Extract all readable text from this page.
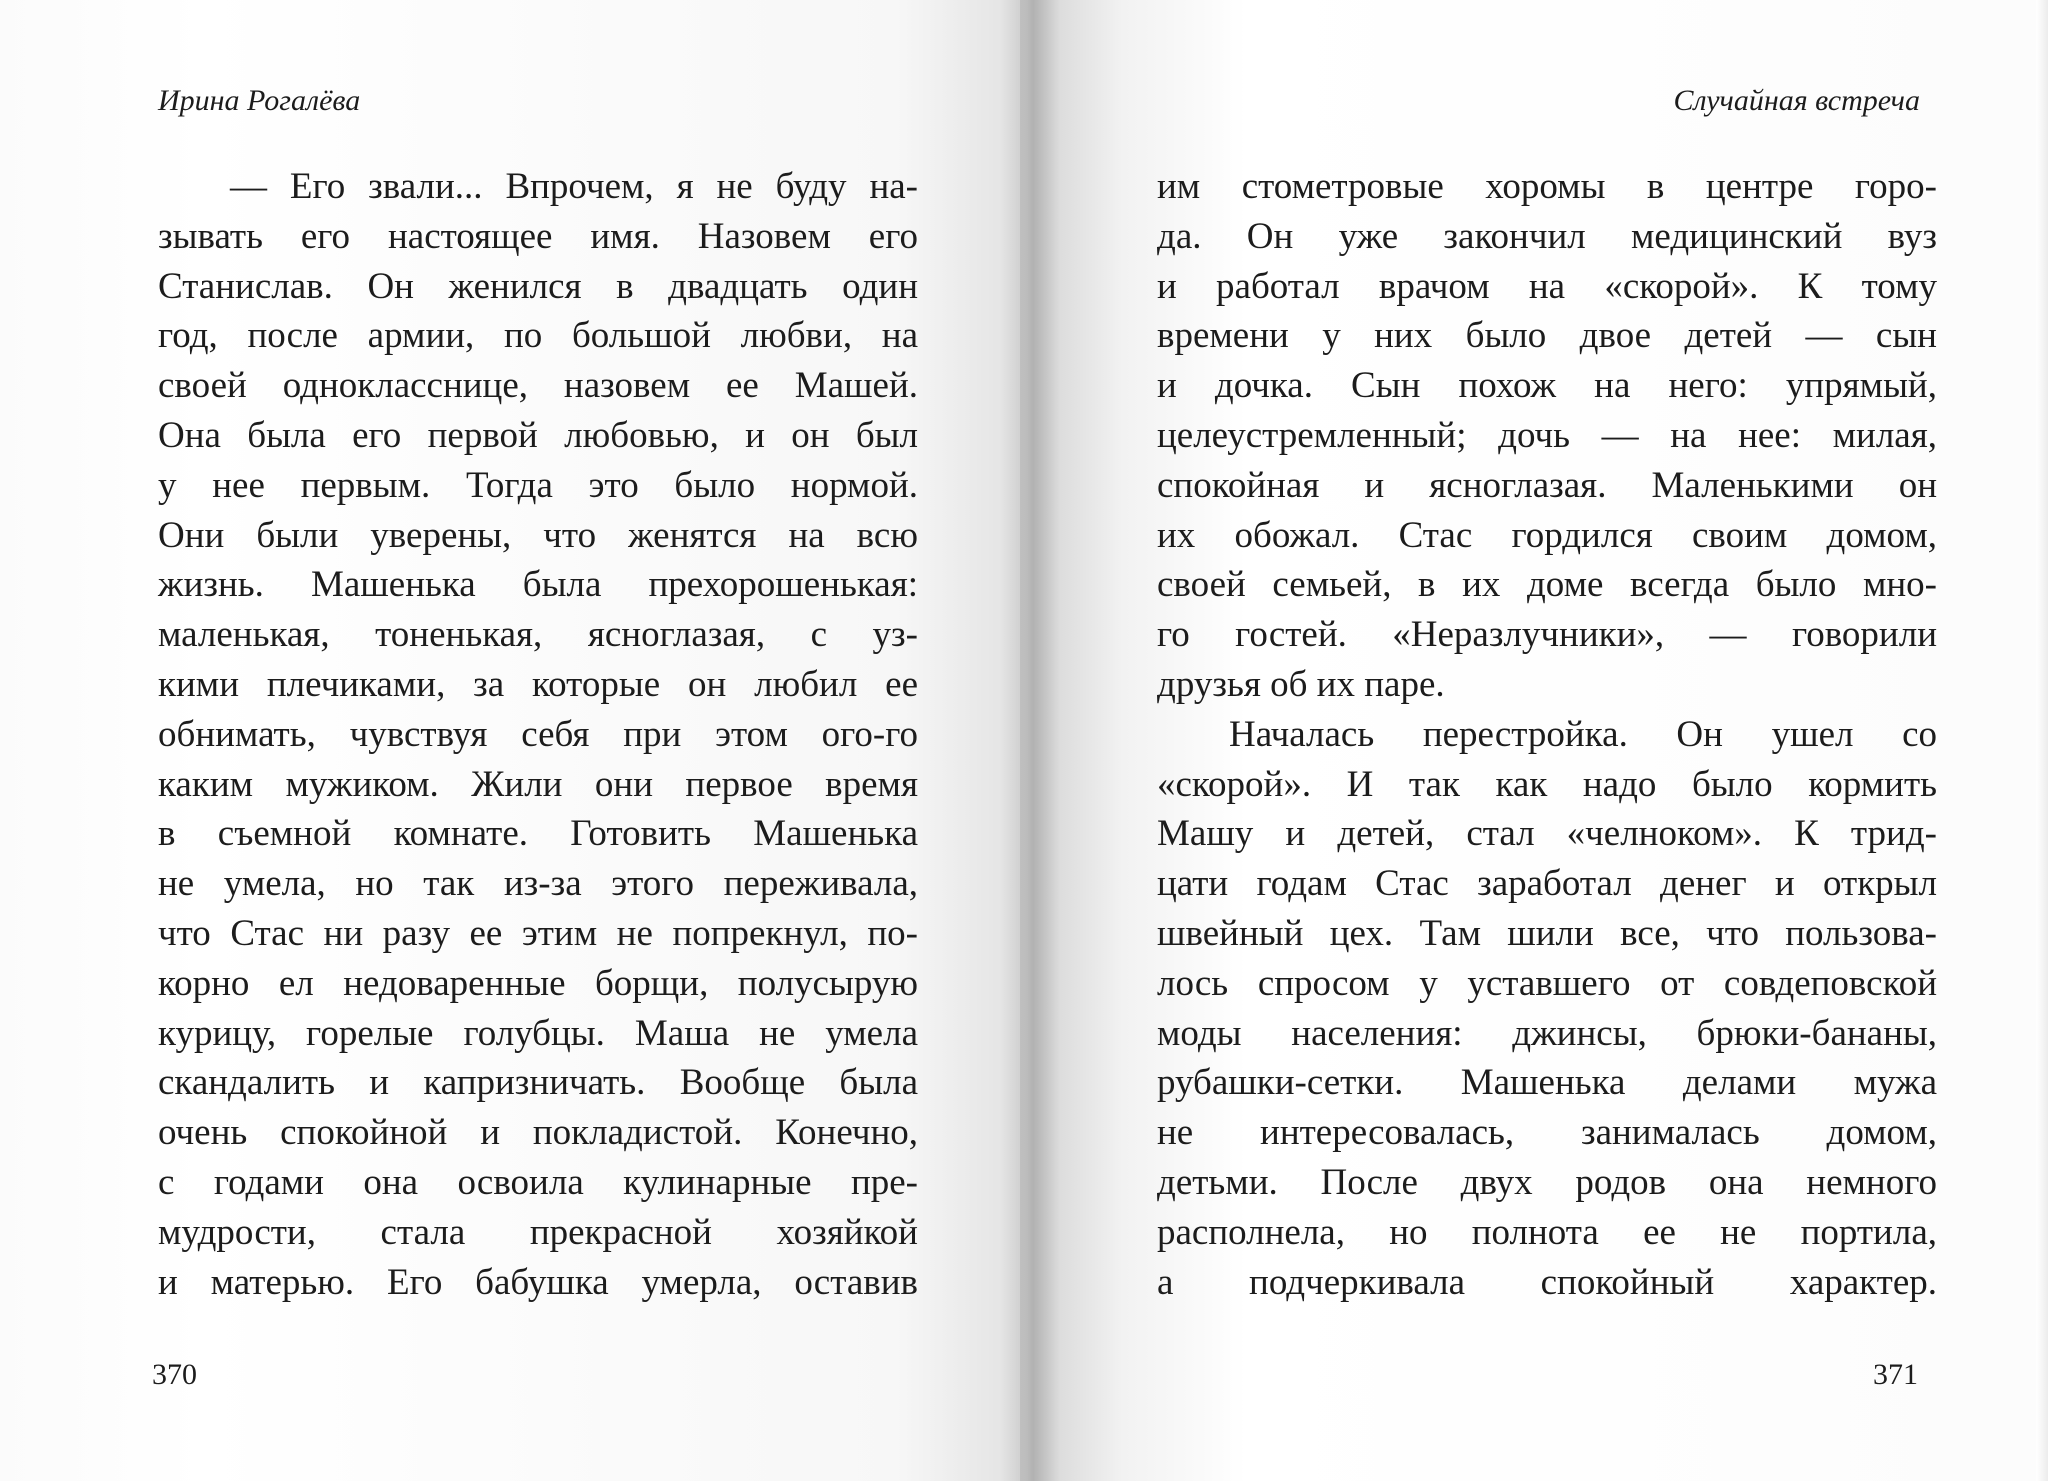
Ирина Рогалёва
— Его звали... Впрочем, я не буду на-
зывать его настоящее имя. Назовем его
Станислав. Он женился в двадцать один
год, после армии, по большой любви, на
своей однокласснице, назовем ее Машей.
Она была его первой любовью, и он был
у нее первым. Тогда это было нормой.
Они были уверены, что женятся на всю
жизнь. Машенька была прехорошенькая:
маленькая, тоненькая, ясноглазая, с уз-
кими плечиками, за которые он любил ее
обнимать, чувствуя себя при этом ого-го
каким мужиком. Жили они первое время
в съемной комнате. Готовить Машенька
не умела, но так из-за этого переживала,
что Стас ни разу ее этим не попрекнул, по-
корно ел недоваренные борщи, полусырую
курицу, горелые голубцы. Маша не умела
скандалить и капризничать. Вообще была
очень спокойной и покладистой. Конечно,
с годами она освоила кулинарные пре-
мудрости, стала прекрасной хозяйкой
и матерью. Его бабушка умерла, оставив
370
Случайная встреча
им стометровые хоромы в центре горо-
да. Он уже закончил медицинский вуз
и работал врачом на «скорой». К тому
времени у них было двое детей — сын
и дочка. Сын похож на него: упрямый,
целеустремленный; дочь — на нее: милая,
спокойная и ясноглазая. Маленькими он
их обожал. Стас гордился своим домом,
своей семьей, в их доме всегда было мно-
го гостей. «Неразлучники», — говорили
друзья об их паре.
Началась перестройка. Он ушел со
«скорой». И так как надо было кормить
Машу и детей, стал «челноком». К трид-
цати годам Стас заработал денег и открыл
швейный цех. Там шили все, что пользова-
лось спросом у уставшего от совдеповской
моды населения: джинсы, брюки-бананы,
рубашки-сетки. Машенька делами мужа
не интересовалась, занималась домом,
детьми. После двух родов она немного
располнела, но полнота ее не портила,
а подчеркивала спокойный характер.
371
